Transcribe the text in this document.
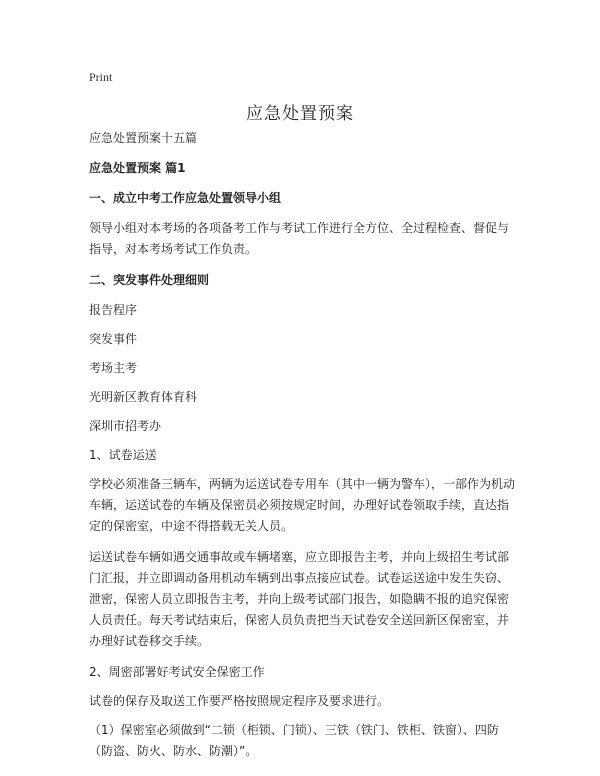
Print
应急处置预案

应急处置预案十五篇

应急处置预案 篇1

一、成立中考工作应急处置领导小组

领导小组对本考场的各项备考工作与考试工作进行全方位、全过程检查、督促与指导，对本考场考试工作负责。

二、突发事件处理细则

报告程序

突发事件

考场主考

光明新区教育体育科

深圳市招考办

1、试卷运送

学校必须准备三辆车，两辆为运送试卷专用车（其中一辆为警车），一部作为机动车辆，运送试卷的车辆及保密员必须按规定时间，办理好试卷领取手续，直达指定的保密室，中途不得搭载无关人员。

运送试卷车辆如遇交通事故或车辆堵塞，应立即报告主考，并向上级招生考试部门汇报，并立即调动备用机动车辆到出事点接应试卷。试卷运送途中发生失窃、泄密，保密人员立即报告主考，并向上级考试部门报告，如隐瞒不报的追究保密人员责任。每天考试结束后，保密人员负责把当天试卷安全送回新区保密室，并办理好试卷移交手续。

2、周密部署好考试安全保密工作

试卷的保存及取送工作要严格按照规定程序及要求进行。

（1）保密室必须做到“二锁（柜锁、门锁）、三铁（铁门、铁柜、铁窗）、四防（防盗、防火、防水、防潮）”。
